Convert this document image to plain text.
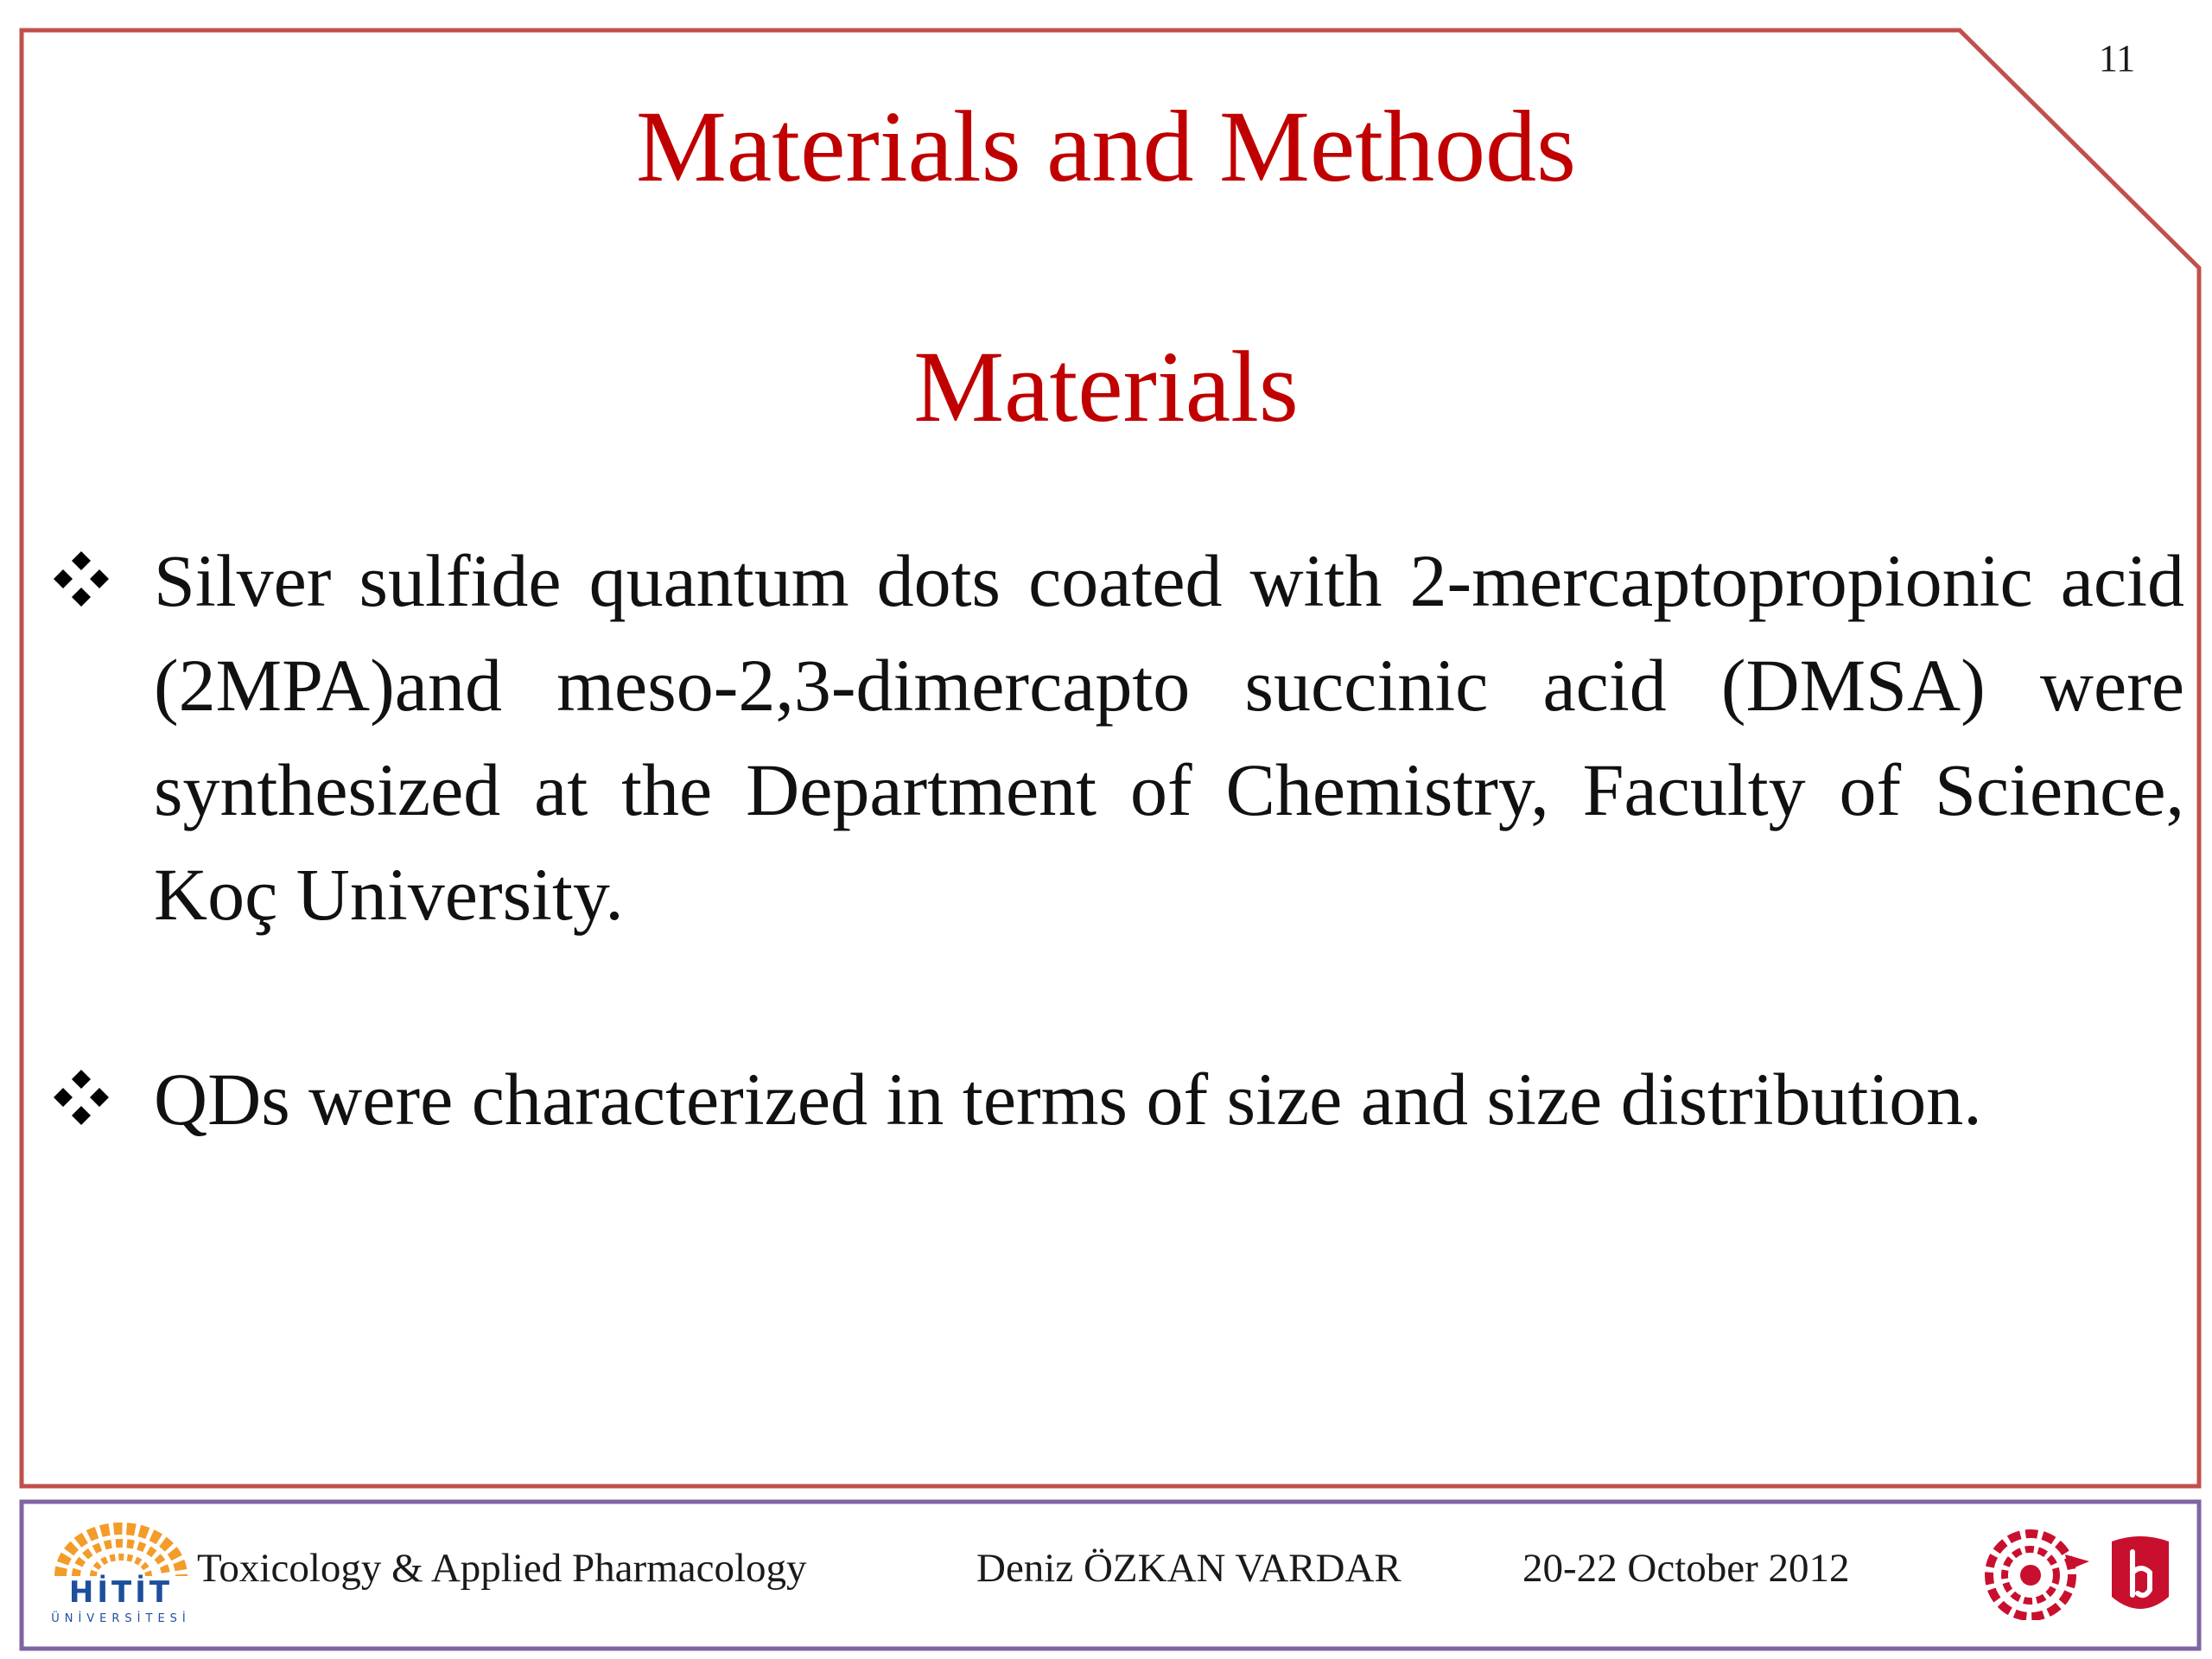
11
Materials and Methods
Materials
Silver sulfide quantum dots coated with 2-mercaptopropionic acid (2MPA)and meso-2,3-dimercapto succinic acid (DMSA) were synthesized at the Department of Chemistry, Faculty of Science, Koç University.
QDs were characterized in terms of size and size distribution.
HİTİT
ÜNİVERSİTESİ
Toxicology & Applied Pharmacology	Deniz ÖZKAN VARDAR	20-22 October 2012
